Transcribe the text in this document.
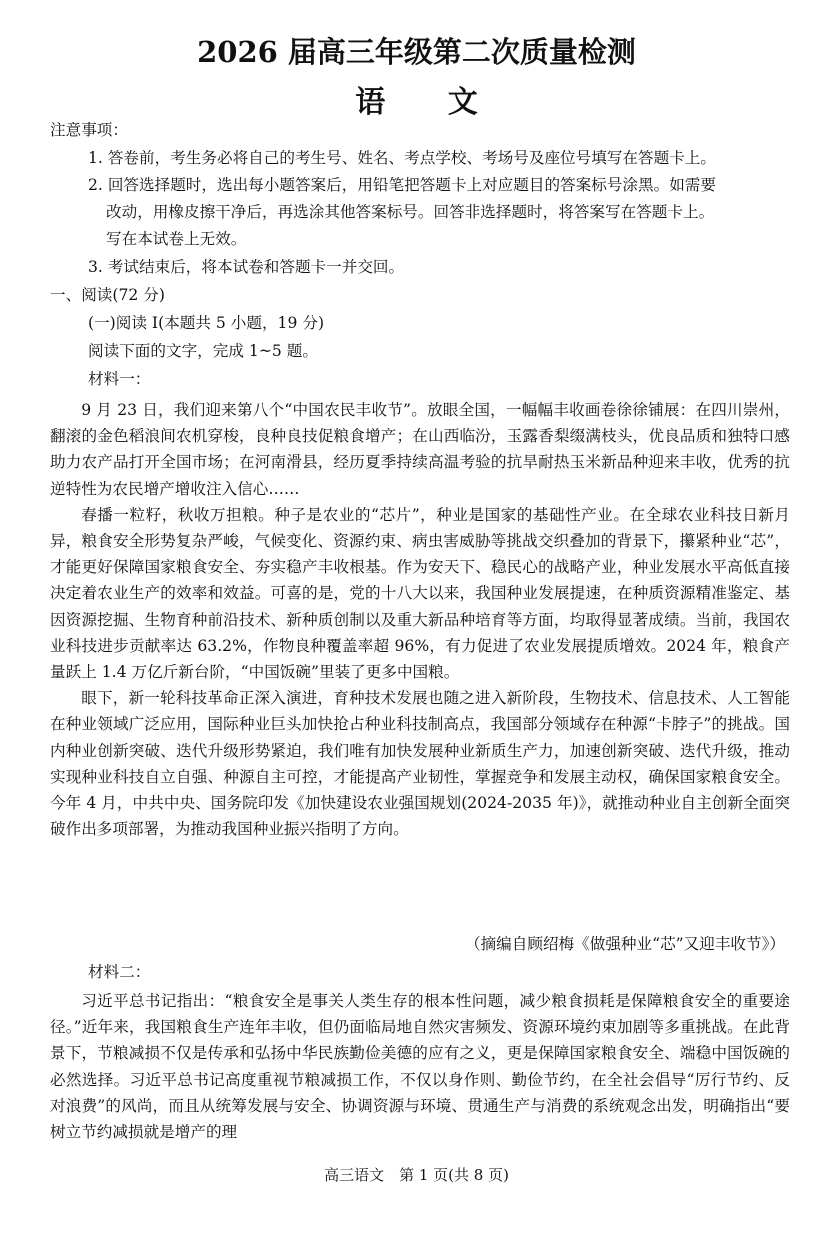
2026 届高三年级第二次质量检测
语 文
注意事项：
1. 答卷前，考生务必将自己的考生号、姓名、考点学校、考场号及座位号填写在答题卡上。
2. 回答选择题时，选出每小题答案后，用铅笔把答题卡上对应题目的答案标号涂黑。如需要
改动，用橡皮擦干净后，再选涂其他答案标号。回答非选择题时，将答案写在答题卡上。
写在本试卷上无效。
3. 考试结束后，将本试卷和答题卡一并交回。
一、阅读(72 分)
(一)阅读 I(本题共 5 小题，19 分)
阅读下面的文字，完成 1~5 题。
材料一：

9 月 23 日，我们迎来第八个“中国农民丰收节”。放眼全国，一幅幅丰收画卷徐徐铺展：在四川崇州，翻滚的金色稻浪间农机穿梭，良种良技促粮食增产；在山西临汾，玉露香梨缀满枝头，优良品质和独特口感助力农产品打开全国市场；在河南滑县，经历夏季持续高温考验的抗旱耐热玉米新品种迎来丰收，优秀的抗逆特性为农民增产增收注入信心……

春播一粒籽，秋收万担粮。种子是农业的“芯片”，种业是国家的基础性产业。在全球农业科技日新月异，粮食安全形势复杂严峻，气候变化、资源约束、病虫害威胁等挑战交织叠加的背景下，攥紧种业“芯”，才能更好保障国家粮食安全、夯实稳产丰收根基。作为安天下、稳民心的战略产业，种业发展水平高低直接决定着农业生产的效率和效益。可喜的是，党的十八大以来，我国种业发展提速，在种质资源精准鉴定、基因资源挖掘、生物育种前沿技术、新种质创制以及重大新品种培育等方面，均取得显著成绩。当前，我国农业科技进步贡献率达 63.2%，作物良种覆盖率超 96%，有力促进了农业发展提质增效。2024 年，粮食产量跃上 1.4 万亿斤新台阶，“中国饭碗”里装了更多中国粮。

眼下，新一轮科技革命正深入演进，育种技术发展也随之进入新阶段，生物技术、信息技术、人工智能在种业领域广泛应用，国际种业巨头加快抢占种业科技制高点，我国部分领域存在种源“卡脖子”的挑战。国内种业创新突破、迭代升级形势紧迫，我们唯有加快发展种业新质生产力，加速创新突破、迭代升级，推动实现种业科技自立自强、种源自主可控，才能提高产业韧性，掌握竞争和发展主动权，确保国家粮食安全。今年 4 月，中共中央、国务院印发《加快建设农业强国规划(2024-2035 年)》，就推动种业自主创新全面突破作出多项部署，为推动我国种业振兴指明了方向。

（摘编自顾绍梅《做强种业“芯”又迎丰收节》）
材料二：

习近平总书记指出：“粮食安全是事关人类生存的根本性问题，减少粮食损耗是保障粮食安全的重要途径。”近年来，我国粮食生产连年丰收，但仍面临局地自然灾害频发、资源环境约束加剧等多重挑战。在此背景下，节粮减损不仅是传承和弘扬中华民族勤俭美德的应有之义，更是保障国家粮食安全、端稳中国饭碗的必然选择。习近平总书记高度重视节粮减损工作，不仅以身作则、勤俭节约，在全社会倡导“厉行节约、反对浪费”的风尚，而且从统筹发展与安全、协调资源与环境、贯通生产与消费的系统观念出发，明确指出“要树立节约减损就是增产的理

高三语文　第 1 页(共 8 页)
